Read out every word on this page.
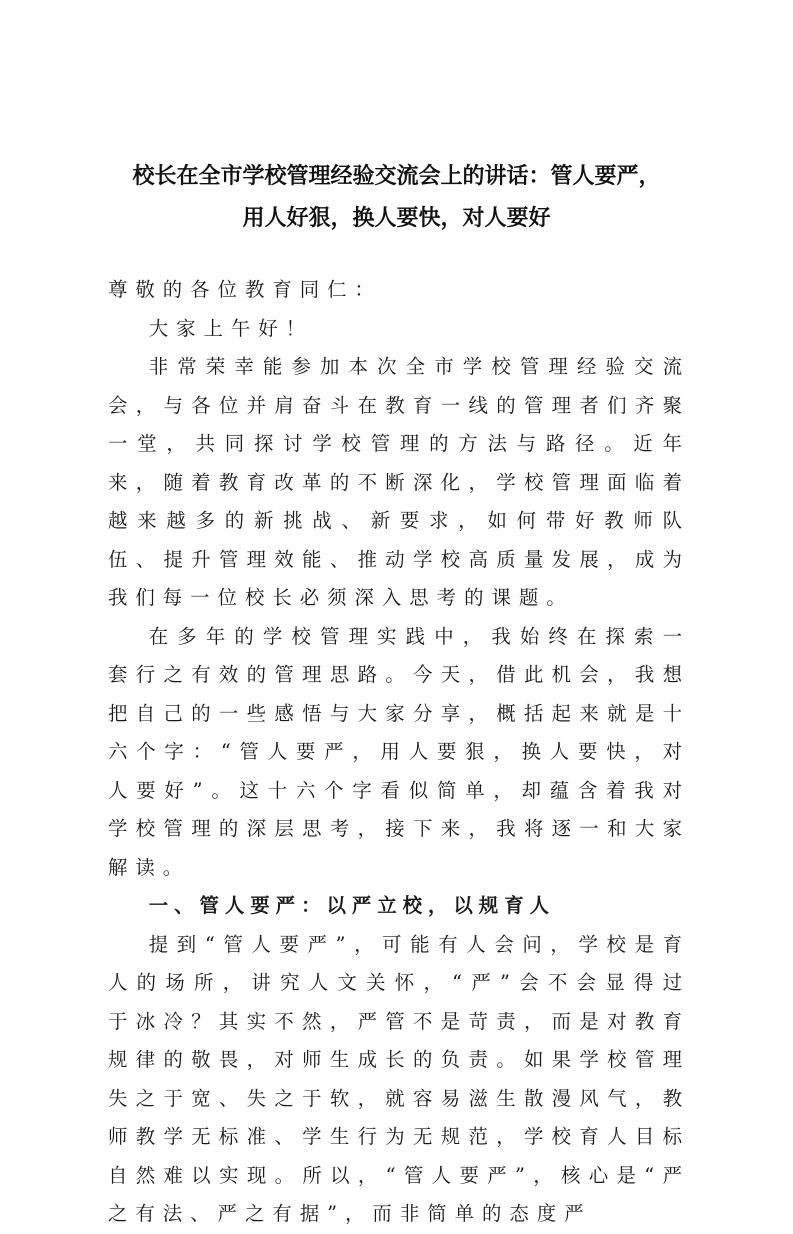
校长在全市学校管理经验交流会上的讲话：管人要严，
用人好狠，换人要快，对人要好

尊敬的各位教育同仁：

大家上午好！

非常荣幸能参加本次全市学校管理经验交流会，与各位并肩奋斗在教育一线的管理者们齐聚一堂，共同探讨学校管理的方法与路径。近年来，随着教育改革的不断深化，学校管理面临着越来越多的新挑战、新要求，如何带好教师队伍、提升管理效能、推动学校高质量发展，成为我们每一位校长必须深入思考的课题。

在多年的学校管理实践中，我始终在探索一套行之有效的管理思路。今天，借此机会，我想把自己的一些感悟与大家分享，概括起来就是十六个字：“管人要严，用人要狠，换人要快，对人要好”。这十六个字看似简单，却蕴含着我对学校管理的深层思考，接下来，我将逐一和大家解读。

一、管人要严：以严立校，以规育人

提到“管人要严”，可能有人会问，学校是育人的场所，讲究人文关怀，“严”会不会显得过于冰冷？其实不然，严管不是苛责，而是对教育规律的敬畏，对师生成长的负责。如果学校管理失之于宽、失之于软，就容易滋生散漫风气，教师教学无标准、学生行为无规范，学校育人目标自然难以实现。所以，“管人要严”，核心是“严之有法、严之有据”，而非简单的态度严
